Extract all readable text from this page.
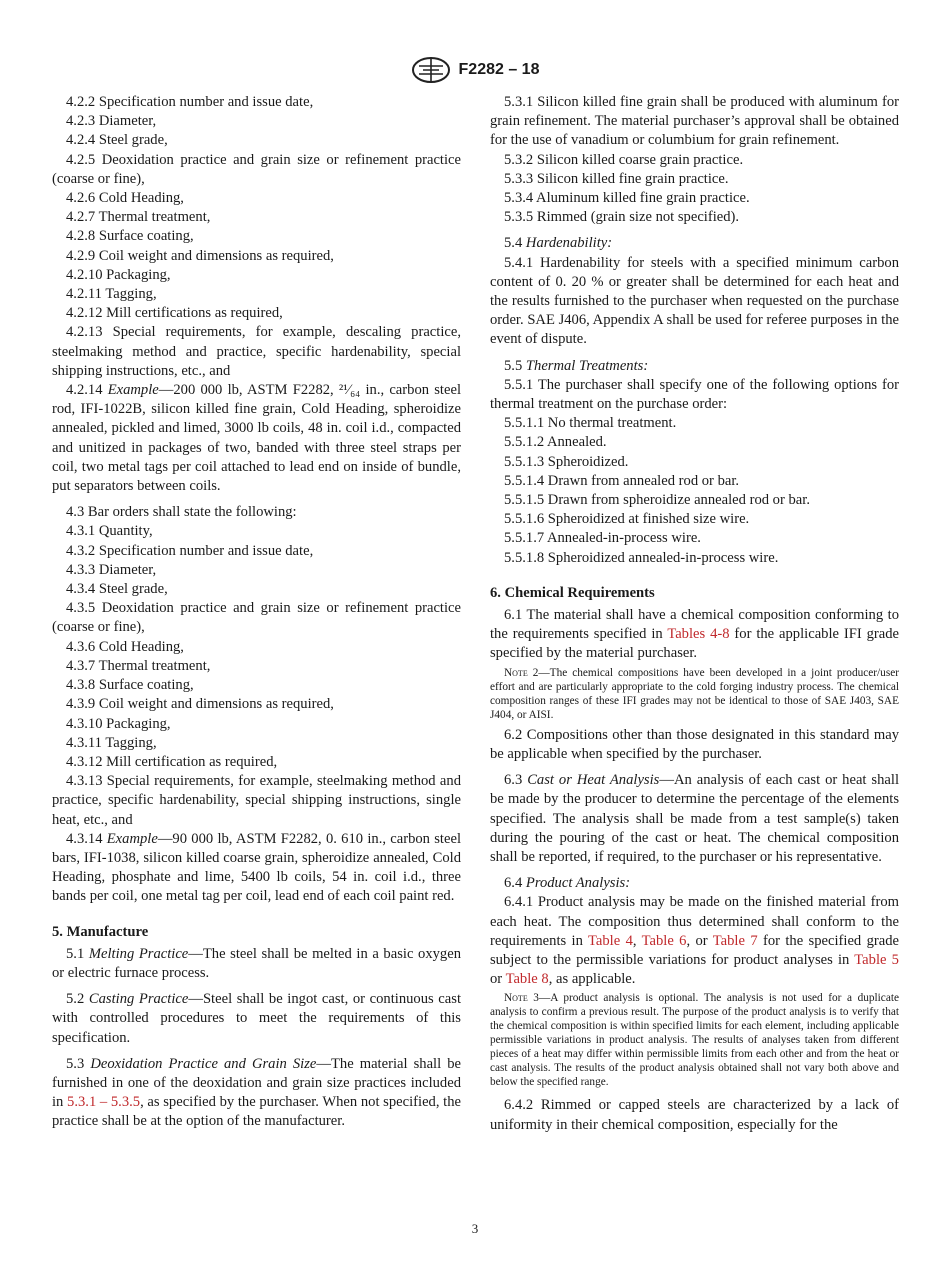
F2282 – 18

4.2.2 Specification number and issue date,

4.2.3 Diameter,

4.2.4 Steel grade,

4.2.5 Deoxidation practice and grain size or refinement practice (coarse or fine),

4.2.6 Cold Heading,

4.2.7 Thermal treatment,

4.2.8 Surface coating,

4.2.9 Coil weight and dimensions as required,

4.2.10 Packaging,

4.2.11 Tagging,

4.2.12 Mill certifications as required,

4.2.13 Special requirements, for example, descaling practice, steelmaking method and practice, specific hardenability, special shipping instructions, etc., and

4.2.14 Example—200 000 lb, ASTM F2282, ²¹⁄₆₄ in., carbon steel rod, IFI-1022B, silicon killed fine grain, Cold Heading, spheroidize annealed, pickled and limed, 3000 lb coils, 48 in. coil i.d., compacted and unitized in packages of two, banded with three steel straps per coil, two metal tags per coil attached to lead end on inside of bundle, put separators between coils.

4.3 Bar orders shall state the following:

4.3.1 Quantity,

4.3.2 Specification number and issue date,

4.3.3 Diameter,

4.3.4 Steel grade,

4.3.5 Deoxidation practice and grain size or refinement practice (coarse or fine),

4.3.6 Cold Heading,

4.3.7 Thermal treatment,

4.3.8 Surface coating,

4.3.9 Coil weight and dimensions as required,

4.3.10 Packaging,

4.3.11 Tagging,

4.3.12 Mill certification as required,

4.3.13 Special requirements, for example, steelmaking method and practice, specific hardenability, special shipping instructions, single heat, etc., and

4.3.14 Example—90 000 lb, ASTM F2282, 0. 610 in., carbon steel bars, IFI-1038, silicon killed coarse grain, spheroidize annealed, Cold Heading, phosphate and lime, 5400 lb coils, 54 in. coil i.d., three bands per coil, one metal tag per coil, lead end of each coil paint red.

5. Manufacture

5.1 Melting Practice—The steel shall be melted in a basic oxygen or electric furnace process.

5.2 Casting Practice—Steel shall be ingot cast, or continuous cast with controlled procedures to meet the requirements of this specification.

5.3 Deoxidation Practice and Grain Size—The material shall be furnished in one of the deoxidation and grain size practices included in 5.3.1 – 5.3.5, as specified by the purchaser. When not specified, the practice shall be at the option of the manufacturer.

5.3.1 Silicon killed fine grain shall be produced with aluminum for grain refinement. The material purchaser’s approval shall be obtained for the use of vanadium or columbium for grain refinement.

5.3.2 Silicon killed coarse grain practice.

5.3.3 Silicon killed fine grain practice.

5.3.4 Aluminum killed fine grain practice.

5.3.5 Rimmed (grain size not specified).

5.4 Hardenability:

5.4.1 Hardenability for steels with a specified minimum carbon content of 0. 20 % or greater shall be determined for each heat and the results furnished to the purchaser when requested on the purchase order. SAE J406, Appendix A shall be used for referee purposes in the event of dispute.

5.5 Thermal Treatments:

5.5.1 The purchaser shall specify one of the following options for thermal treatment on the purchase order:

5.5.1.1 No thermal treatment.

5.5.1.2 Annealed.

5.5.1.3 Spheroidized.

5.5.1.4 Drawn from annealed rod or bar.

5.5.1.5 Drawn from spheroidize annealed rod or bar.

5.5.1.6 Spheroidized at finished size wire.

5.5.1.7 Annealed-in-process wire.

5.5.1.8 Spheroidized annealed-in-process wire.

6. Chemical Requirements

6.1 The material shall have a chemical composition conforming to the requirements specified in Tables 4-8 for the applicable IFI grade specified by the material purchaser.

Note 2—The chemical compositions have been developed in a joint producer/user effort and are particularly appropriate to the cold forging industry process. The chemical composition ranges of these IFI grades may not be identical to those of SAE J403, SAE J404, or AISI.

6.2 Compositions other than those designated in this standard may be applicable when specified by the purchaser.

6.3 Cast or Heat Analysis—An analysis of each cast or heat shall be made by the producer to determine the percentage of the elements specified. The analysis shall be made from a test sample(s) taken during the pouring of the cast or heat. The chemical composition shall be reported, if required, to the purchaser or his representative.

6.4 Product Analysis:

6.4.1 Product analysis may be made on the finished material from each heat. The composition thus determined shall conform to the requirements in Table 4, Table 6, or Table 7 for the specified grade subject to the permissible variations for product analyses in Table 5 or Table 8, as applicable.

Note 3—A product analysis is optional. The analysis is not used for a duplicate analysis to confirm a previous result. The purpose of the product analysis is to verify that the chemical composition is within specified limits for each element, including applicable permissible variations in product analysis. The results of analyses taken from different pieces of a heat may differ within permissible limits from each other and from the heat or cast analysis. The results of the product analysis obtained shall not vary both above and below the specified range.

6.4.2 Rimmed or capped steels are characterized by a lack of uniformity in their chemical composition, especially for the

3
